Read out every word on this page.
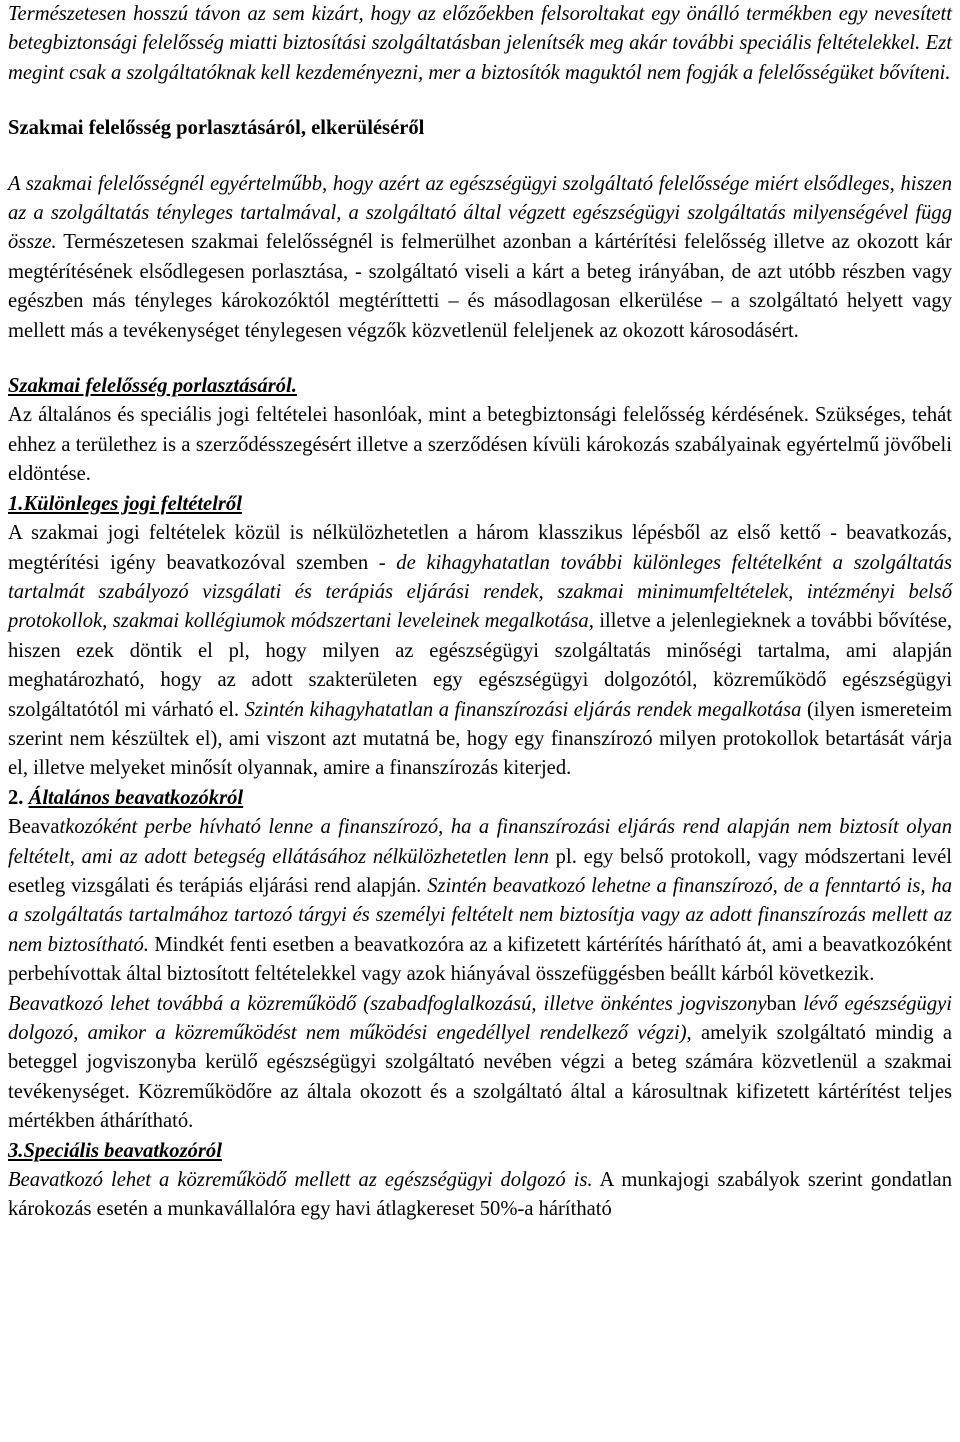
Természetesen hosszú távon az sem kizárt, hogy az előzőekben felsoroltakat egy önálló termékben egy nevesített betegbiztonsági felelősség miatti biztosítási szolgáltatásban jelenítsék meg akár további speciális feltételekkel. Ezt megint csak a szolgáltatóknak kell kezdeményezni, mer a biztosítók maguktól nem fogják a felelősségüket bővíteni.

Szakmai felelősség porlasztásáról, elkerüléséről

A szakmai felelősségnél egyértelműbb, hogy azért az egészségügyi szolgáltató felelőssége miért elsődleges, hiszen az a szolgáltatás tényleges tartalmával, a szolgáltató által végzett egészségügyi szolgáltatás milyenségével függ össze. Természetesen szakmai felelősségnél is felmerülhet azonban a kártérítési felelősség illetve az okozott kár megtérítésének elsődlegesen porlasztása, - szolgáltató viseli a kárt a beteg irányában, de azt utóbb részben vagy egészben más tényleges károkozóktól megtéríttetti – és másodlagosan elkerülése – a szolgáltató helyett vagy mellett más a tevékenységet ténylegesen végzők közvetlenül feleljenek az okozott károsodásért.

Szakmai felelősség porlasztásáról.

Az általános és speciális jogi feltételei hasonlóak, mint a betegbiztonsági felelősség kérdésének. Szükséges, tehát ehhez a területhez is a szerződésszegésért illetve a szerződésen kívüli károkozás szabályainak egyértelmű jövőbeli eldöntése.

1.Különleges jogi feltételről

A szakmai jogi feltételek közül is nélkülözhetetlen a három klasszikus lépésből az első kettő - beavatkozás, megtérítési igény beavatkozóval szemben - de kihagyhatatlan további különleges feltételként a szolgáltatás tartalmát szabályozó vizsgálati és terápiás eljárási rendek, szakmai minimumfeltételek, intézményi belső protokollok, szakmai kollégiumok módszertani leveleinek megalkotása, illetve a jelenlegieknek a további bővítése, hiszen ezek döntik el pl, hogy milyen az egészségügyi szolgáltatás minőségi tartalma, ami alapján meghatározható, hogy az adott szakterületen egy egészségügyi dolgozótól, közreműködő egészségügyi szolgáltatótól mi várható el. Szintén kihagyhatatlan a finanszírozási eljárás rendek megalkotása (ilyen ismereteim szerint nem készültek el), ami viszont azt mutatná be, hogy egy finanszírozó milyen protokollok betartását várja el, illetve melyeket minősít olyannak, amire a finanszírozás kiterjed.

2. Általános beavatkozókról

Beavatkozóként perbe hívható lenne a finanszírozó, ha a finanszírozási eljárás rend alapján nem biztosít olyan feltételt, ami az adott betegség ellátásához nélkülözhetetlen lenn pl. egy belső protokoll, vagy módszertani levél esetleg vizsgálati és terápiás eljárási rend alapján. Szintén beavatkozó lehetne a finanszírozó, de a fenntartó is, ha a szolgáltatás tartalmához tartozó tárgyi és személyi feltételt nem biztosítja vagy az adott finanszírozás mellett az nem biztosítható. Mindkét fenti esetben a beavatkozóra az a kifizetett kártérítés hárítható át, ami a beavatkozóként perbehívottak által biztosított feltételekkel vagy azok hiányával összefüggésben beállt kárból következik.

Beavatkozó lehet továbbá a közreműködő (szabadfoglalkozású, illetve önkéntes jogviszonyban lévő egészségügyi dolgozó, amikor a közreműködést nem működési engedéllyel rendelkező végzi), amelyik szolgáltató mindig a beteggel jogviszonyba kerülő egészségügyi szolgáltató nevében végzi a beteg számára közvetlenül a szakmai tevékenységet. Közreműködőre az általa okozott és a szolgáltató által a károsultnak kifizetett kártérítést teljes mértékben áthárítható.

3.Speciális beavatkozóról

Beavatkozó lehet a közreműködő mellett az egészségügyi dolgozó is. A munkajogi szabályok szerint gondatlan károkozás esetén a munkavállalóra egy havi átlagkereset 50%-a hárítható
